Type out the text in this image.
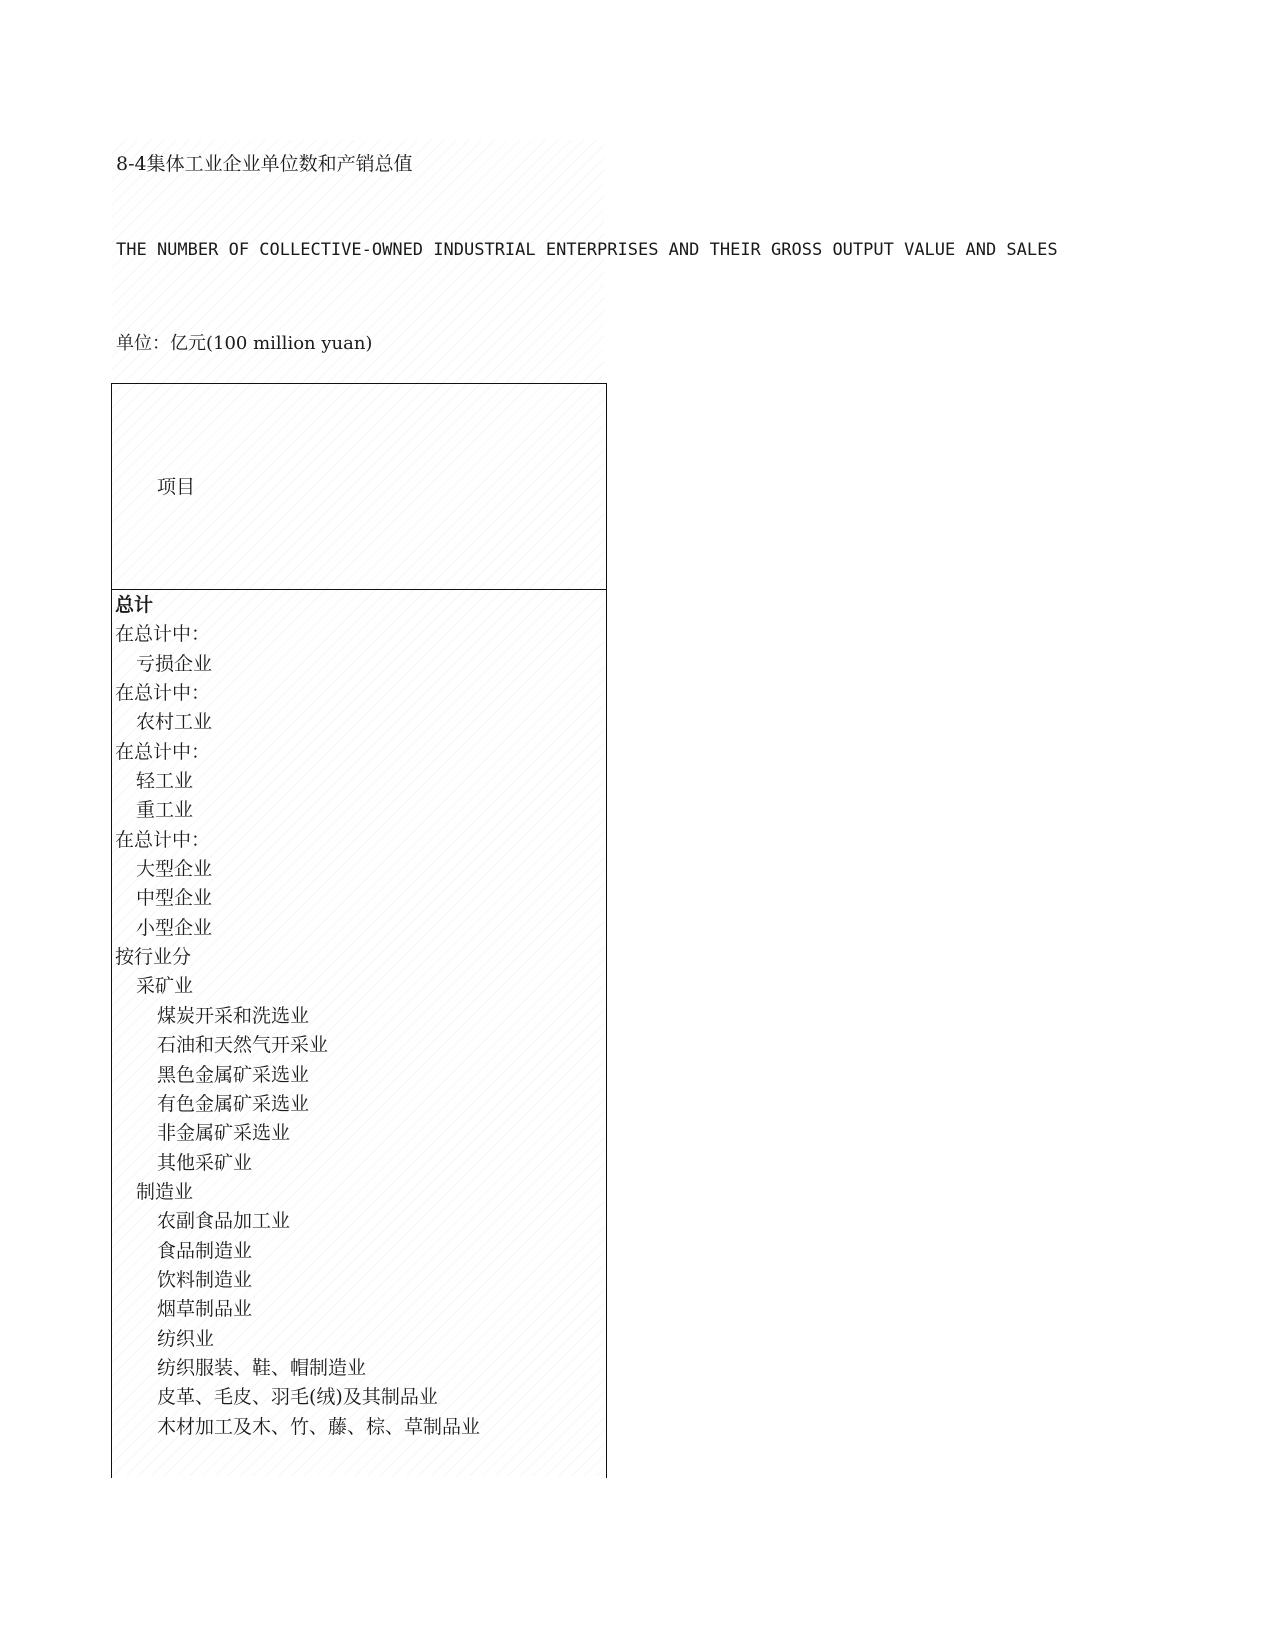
8-4集体工业企业单位数和产销总值
THE NUMBER OF COLLECTIVE-OWNED INDUSTRIAL ENTERPRISES AND THEIR GROSS OUTPUT VALUE AND SALES
单位：亿元(100 million yuan)
项目
总计
在总计中：
亏损企业
在总计中：
农村工业
在总计中：
轻工业
重工业
在总计中：
大型企业
中型企业
小型企业
按行业分
采矿业
煤炭开采和洗选业
石油和天然气开采业
黑色金属矿采选业
有色金属矿采选业
非金属矿采选业
其他采矿业
制造业
农副食品加工业
食品制造业
饮料制造业
烟草制品业
纺织业
纺织服装、鞋、帽制造业
皮革、毛皮、羽毛(绒)及其制品业
木材加工及木、竹、藤、棕、草制品业
